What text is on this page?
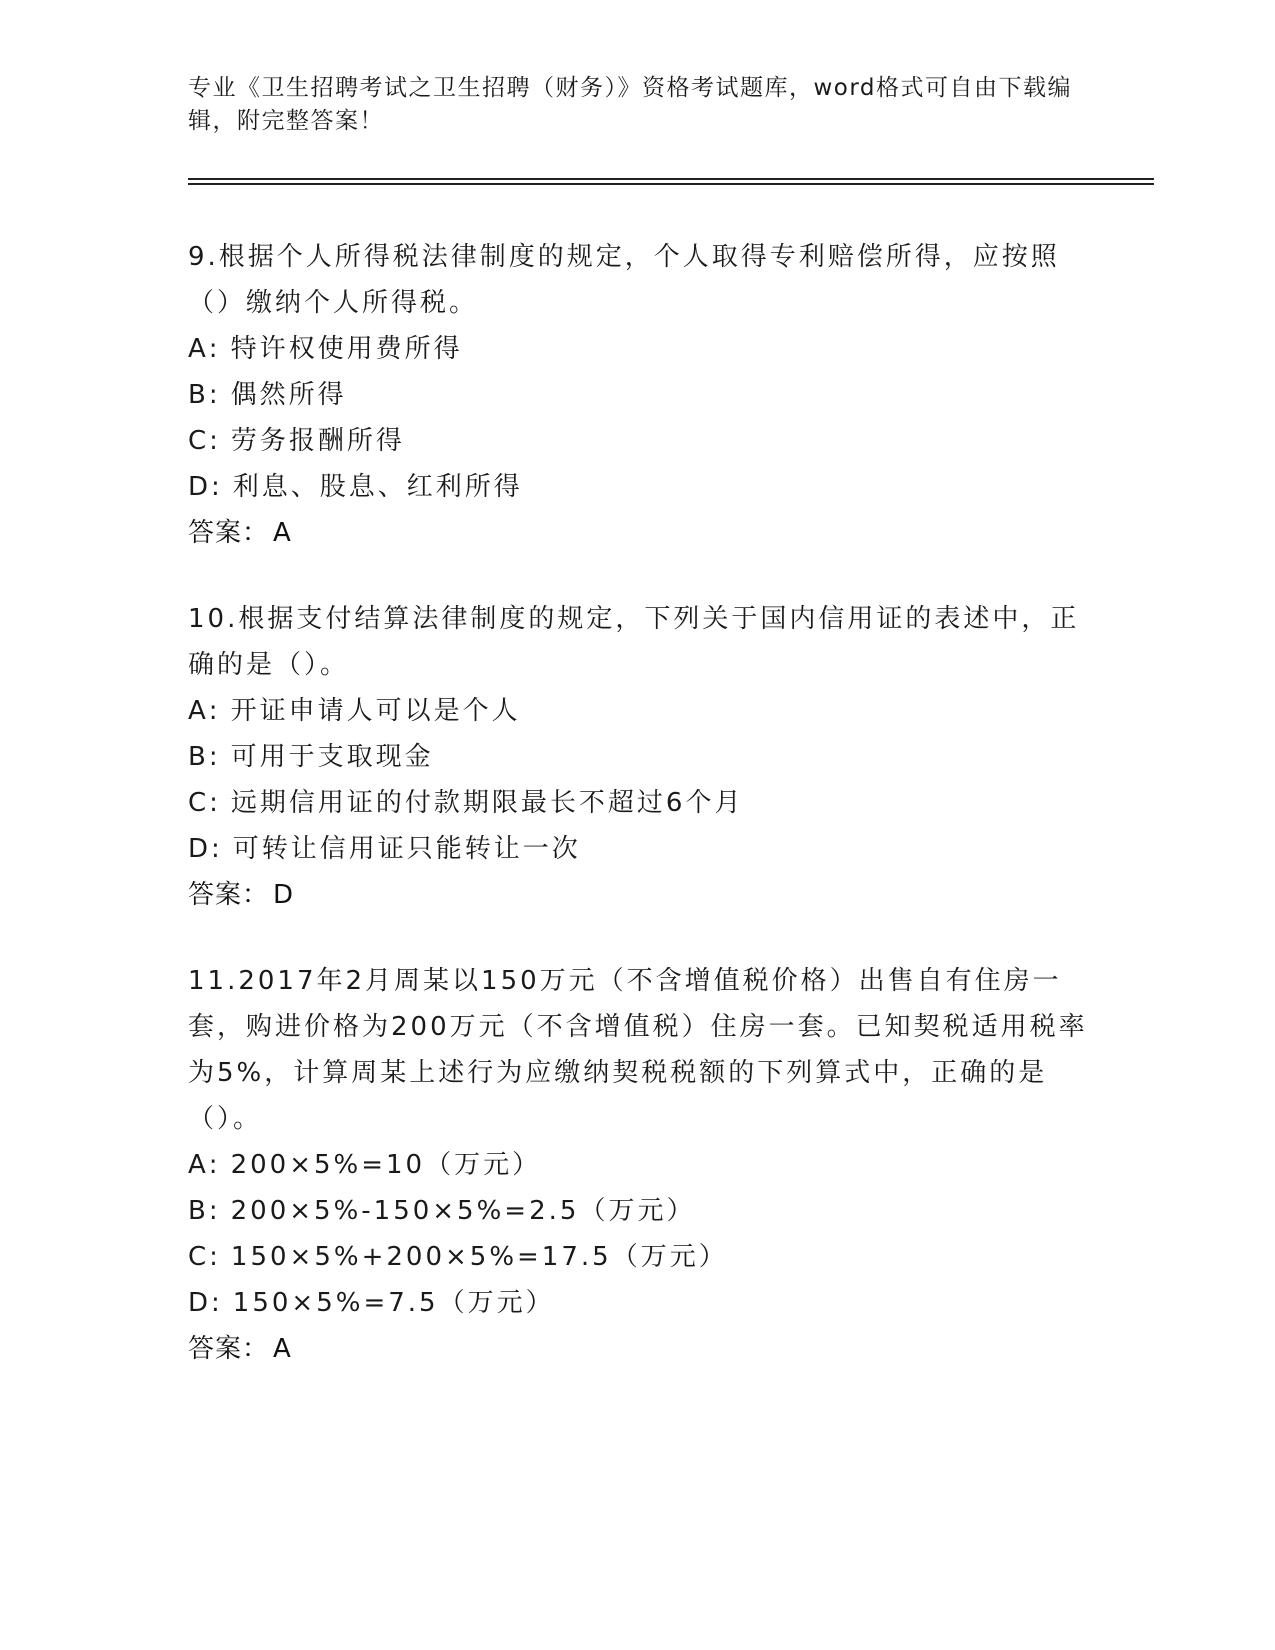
专业《卫生招聘考试之卫生招聘（财务）》资格考试题库，word格式可自由下载编辑，附完整答案！

9.根据个人所得税法律制度的规定，个人取得专利赔偿所得，应按照（）缴纳个人所得税。

A: 特许权使用费所得

B: 偶然所得

C: 劳务报酬所得

D: 利息、股息、红利所得

答案： A

10.根据支付结算法律制度的规定，下列关于国内信用证的表述中，正确的是（）。

A: 开证申请人可以是个人

B: 可用于支取现金

C: 远期信用证的付款期限最长不超过6个月

D: 可转让信用证只能转让一次

答案： D

11.2017年2月周某以150万元（不含增值税价格）出售自有住房一套，购进价格为200万元（不含增值税）住房一套。已知契税适用税率为5%，计算周某上述行为应缴纳契税税额的下列算式中，正确的是（）。

A: 200×5%=10（万元）

B: 200×5%-150×5%=2.5（万元）

C: 150×5%+200×5%=17.5（万元）

D: 150×5%=7.5（万元）

答案： A
